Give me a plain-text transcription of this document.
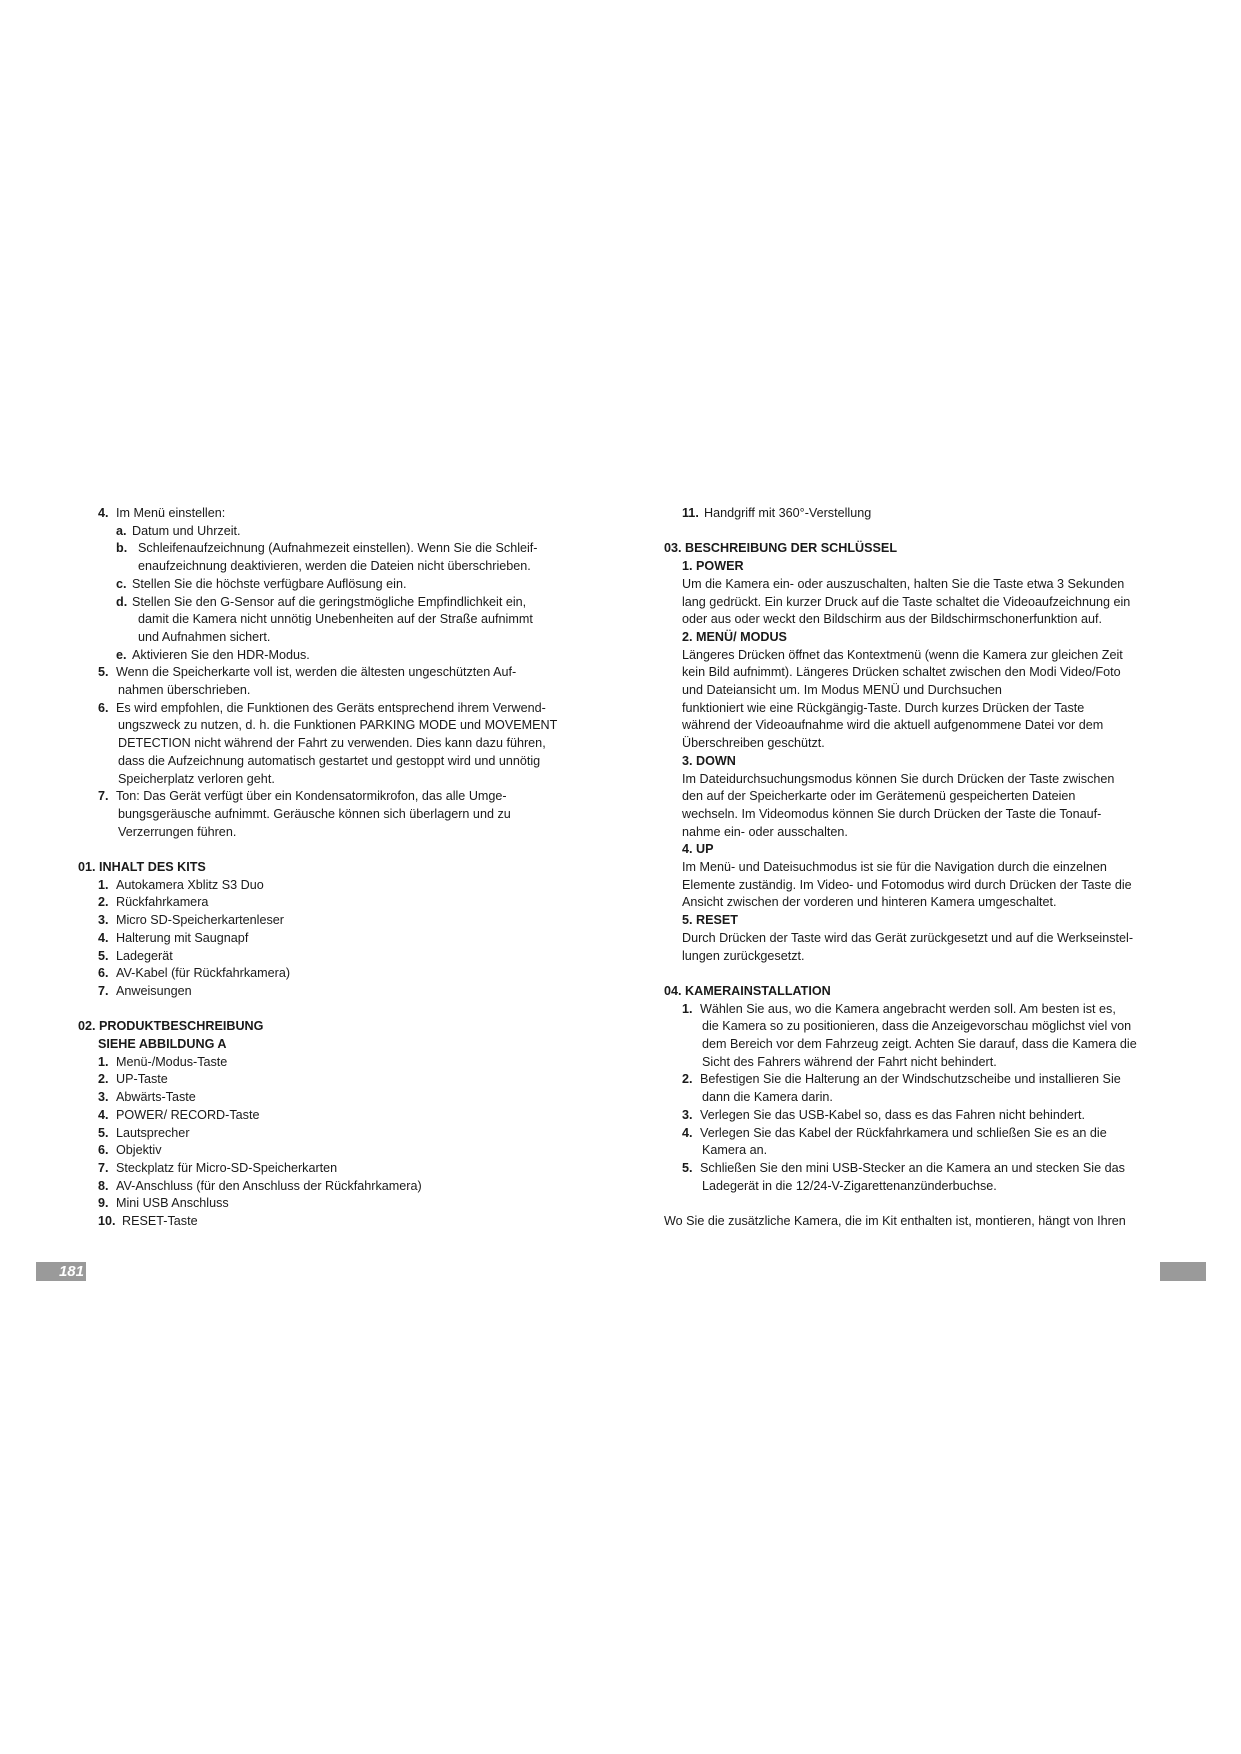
4. Im Menü einstellen:
a. Datum und Uhrzeit.
b. Schleifenaufzeichnung (Aufnahmezeit einstellen). Wenn Sie die Schleif-
enaufzeichnung deaktivieren, werden die Dateien nicht überschrieben.
c. Stellen Sie die höchste verfügbare Auflösung ein.
d. Stellen Sie den G-Sensor auf die geringstmögliche Empfindlichkeit ein,
damit die Kamera nicht unnötig Unebenheiten auf der Straße aufnimmt
und Aufnahmen sichert.
e. Aktivieren Sie den HDR-Modus.
5. Wenn die Speicherkarte voll ist, werden die ältesten ungeschützten Auf-
nahmen überschrieben.
6. Es wird empfohlen, die Funktionen des Geräts entsprechend ihrem Verwend-
ungszweck zu nutzen, d. h. die Funktionen PARKING MODE und MOVEMENT
DETECTION nicht während der Fahrt zu verwenden. Dies kann dazu führen,
dass die Aufzeichnung automatisch gestartet und gestoppt wird und unnötig
Speicherplatz verloren geht.
7. Ton: Das Gerät verfügt über ein Kondensatormikrofon, das alle Umge-
bungsgeräusche aufnimmt. Geräusche können sich überlagern und zu
Verzerrungen führen.
01. INHALT DES KITS
1. Autokamera Xblitz S3 Duo
2. Rückfahrkamera
3. Micro SD-Speicherkartenleser
4. Halterung mit Saugnapf
5. Ladegerät
6. AV-Kabel (für Rückfahrkamera)
7. Anweisungen
02. PRODUKTBESCHREIBUNG
SIEHE ABBILDUNG A
1. Menü-/Modus-Taste
2. UP-Taste
3. Abwärts-Taste
4. POWER/ RECORD-Taste
5. Lautsprecher
6. Objektiv
7. Steckplatz für Micro-SD-Speicherkarten
8. AV-Anschluss (für den Anschluss der Rückfahrkamera)
9. Mini USB Anschluss
10. RESET-Taste
11. Handgriff mit 360°-Verstellung
03. BESCHREIBUNG DER SCHLÜSSEL
1. POWER
Um die Kamera ein- oder auszuschalten, halten Sie die Taste etwa 3 Sekunden
lang gedrückt. Ein kurzer Druck auf die Taste schaltet die Videoaufzeichnung ein
oder aus oder weckt den Bildschirm aus der Bildschirmschonerfunktion auf.
2. MENÜ/ MODUS
Längeres Drücken öffnet das Kontextmenü (wenn die Kamera zur gleichen Zeit
kein Bild aufnimmt). Längeres Drücken schaltet zwischen den Modi Video/Foto
und Dateiansicht um. Im Modus MENÜ und Durchsuchen
funktioniert wie eine Rückgängig-Taste. Durch kurzes Drücken der Taste
während der Videoaufnahme wird die aktuell aufgenommene Datei vor dem
Überschreiben geschützt.
3. DOWN
Im Dateidurchsuchungsmodus können Sie durch Drücken der Taste zwischen
den auf der Speicherkarte oder im Gerätemenü gespeicherten Dateien
wechseln. Im Videomodus können Sie durch Drücken der Taste die Tonauf-
nahme ein- oder ausschalten.
4. UP
Im Menü- und Dateisuchmodus ist sie für die Navigation durch die einzelnen
Elemente zuständig. Im Video- und Fotomodus wird durch Drücken der Taste die
Ansicht zwischen der vorderen und hinteren Kamera umgeschaltet.
5. RESET
Durch Drücken der Taste wird das Gerät zurückgesetzt und auf die Werkseinstel-
lungen zurückgesetzt.
04. KAMERAINSTALLATION
1. Wählen Sie aus, wo die Kamera angebracht werden soll. Am besten ist es,
die Kamera so zu positionieren, dass die Anzeigevorschau möglichst viel von
dem Bereich vor dem Fahrzeug zeigt. Achten Sie darauf, dass die Kamera die
Sicht des Fahrers während der Fahrt nicht behindert.
2. Befestigen Sie die Halterung an der Windschutzscheibe und installieren Sie
dann die Kamera darin.
3. Verlegen Sie das USB-Kabel so, dass es das Fahren nicht behindert.
4. Verlegen Sie das Kabel der Rückfahrkamera und schließen Sie es an die
Kamera an.
5. Schließen Sie den mini USB-Stecker an die Kamera an und stecken Sie das
Ladegerät in die 12/24-V-Zigarettenanzünderbuchse.
Wo Sie die zusätzliche Kamera, die im Kit enthalten ist, montieren, hängt von Ihren
181
